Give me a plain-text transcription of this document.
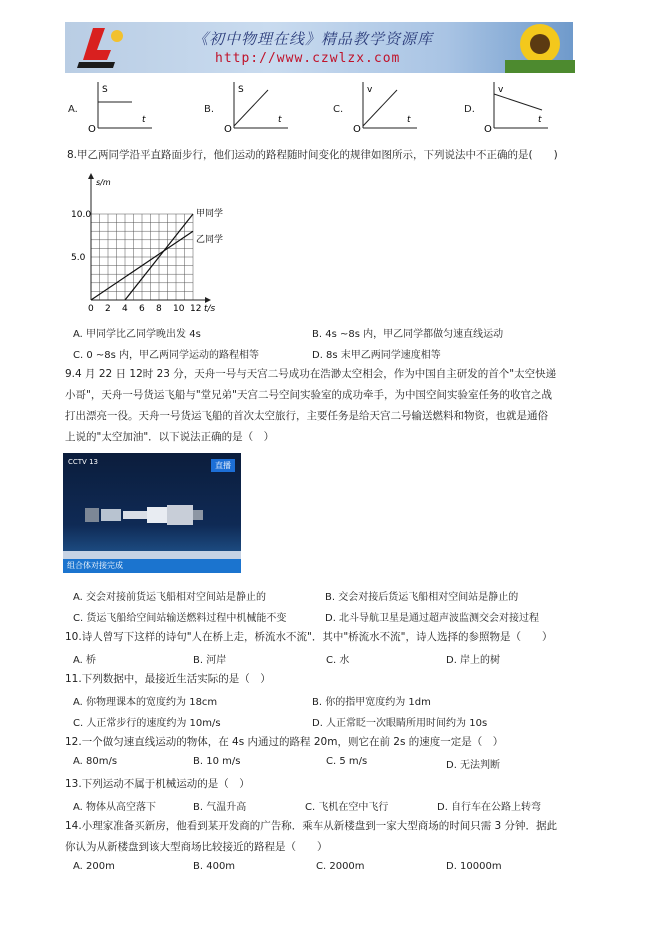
《初中物理在线》精品教学资源库
http://www.czwlzx.com
A.
O
S
t
B.
O
S
t
C.
O
v
t
D.
O
v
t
8.甲乙两同学沿平直路面步行，他们运动的路程随时间变化的规律如图所示，下列说法中不正确的是(　　)
s/m
t/s
0 2 4 6 8 10 12
5.0
10.0	甲同学
乙同学
A. 甲同学比乙同学晚出发 4s	B. 4s ~8s 内，甲乙同学都做匀速直线运动
C. 0 ~8s 内，甲乙两同学运动的路程相等	D. 8s 末甲乙两同学速度相等
9.4 月 22 日 12时 23 分，天舟一号与天宫二号成功在浩渺太空相会，作为中国自主研发的首个"太空快递
小哥"，天舟一号货运飞船与"堂兄弟"天宫二号空间实验室的成功牵手，为中国空间实验室任务的收官之战
打出漂亮一役。天舟一号货运飞船的首次太空旅行，主要任务是给天宫二号输送燃料和物资，也就是通俗
上说的"太空加油"．以下说法正确的是（　）
CCTV 13	直播
组合体对接完成
A. 交会对接前货运飞船相对空间站是静止的	B. 交会对接后货运飞船相对空间站是静止的
C. 货运飞船给空间站输送燃料过程中机械能不变	D. 北斗导航卫星是通过超声波监测交会对接过程
10.诗人曾写下这样的诗句"人在桥上走，桥流水不流"．其中"桥流水不流"，诗人选择的参照物是（　　）
A. 桥	B. 河岸	C. 水	D. 岸上的树
11.下列数据中，最接近生活实际的是（　）
A. 你物理课本的宽度约为 18cm	B. 你的指甲宽度约为 1dm
C. 人正常步行的速度约为 10m/s	D. 人正常眨一次眼睛所用时间约为 10s
12.一个做匀速直线运动的物体，在 4s 内通过的路程 20m，则它在前 2s 的速度一定是（　）
A. 80m/s	B. 10 m/s	C. 5 m/s	D. 无法判断
13.下列运动不属于机械运动的是（　）
A. 物体从高空落下	B. 气温升高	C. 飞机在空中飞行	D. 自行车在公路上转弯
14.小理家准备买新房，他看到某开发商的广告称．乘车从新楼盘到一家大型商场的时间只需 3 分钟．据此
你认为从新楼盘到该大型商场比较接近的路程是（　　）
A. 200m	B. 400m	C. 2000m	D. 10000m
